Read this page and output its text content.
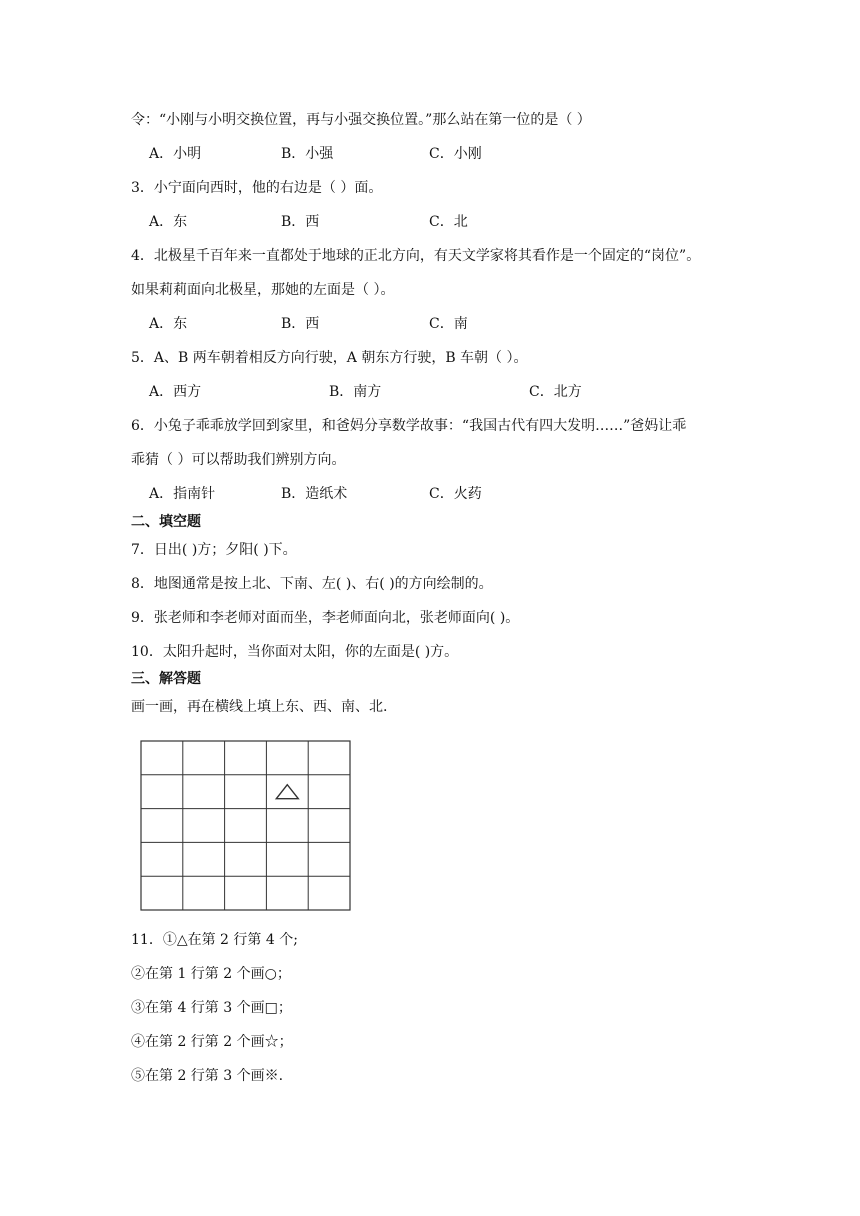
令：“小刚与小明交换位置，再与小强交换位置。”那么站在第一位的是（ ）
A．小明	B．小强	C．小刚
3．小宁面向西时，他的右边是（ ）面。
A．东	B．西	C．北
4．北极星千百年来一直都处于地球的正北方向，有天文学家将其看作是一个固定的“岗位”。
如果莉莉面向北极星，那她的左面是（ ）。
A．东	B．西	C．南
5．A、B 两车朝着相反方向行驶，A 朝东方行驶，B 车朝（ ）。
A．西方	B．南方	C．北方
6．小兔子乖乖放学回到家里，和爸妈分享数学故事：“我国古代有四大发明……”爸妈让乖
乖猜（ ）可以帮助我们辨别方向。
A．指南针	B．造纸术	C．火药
二、填空题
7．日出( )方；夕阳( )下。
8．地图通常是按上北、下南、左( )、右( )的方向绘制的。
9．张老师和李老师对面而坐，李老师面向北，张老师面向( )。
10．太阳升起时，当你面对太阳，你的左面是( )方。
三、解答题
画一画，再在横线上填上东、西、南、北.
11．①△在第 2 行第 4 个;
②在第 1 行第 2 个画○；
③在第 4 行第 3 个画□；
④在第 2 行第 2 个画☆；
⑤在第 2 行第 3 个画※.
